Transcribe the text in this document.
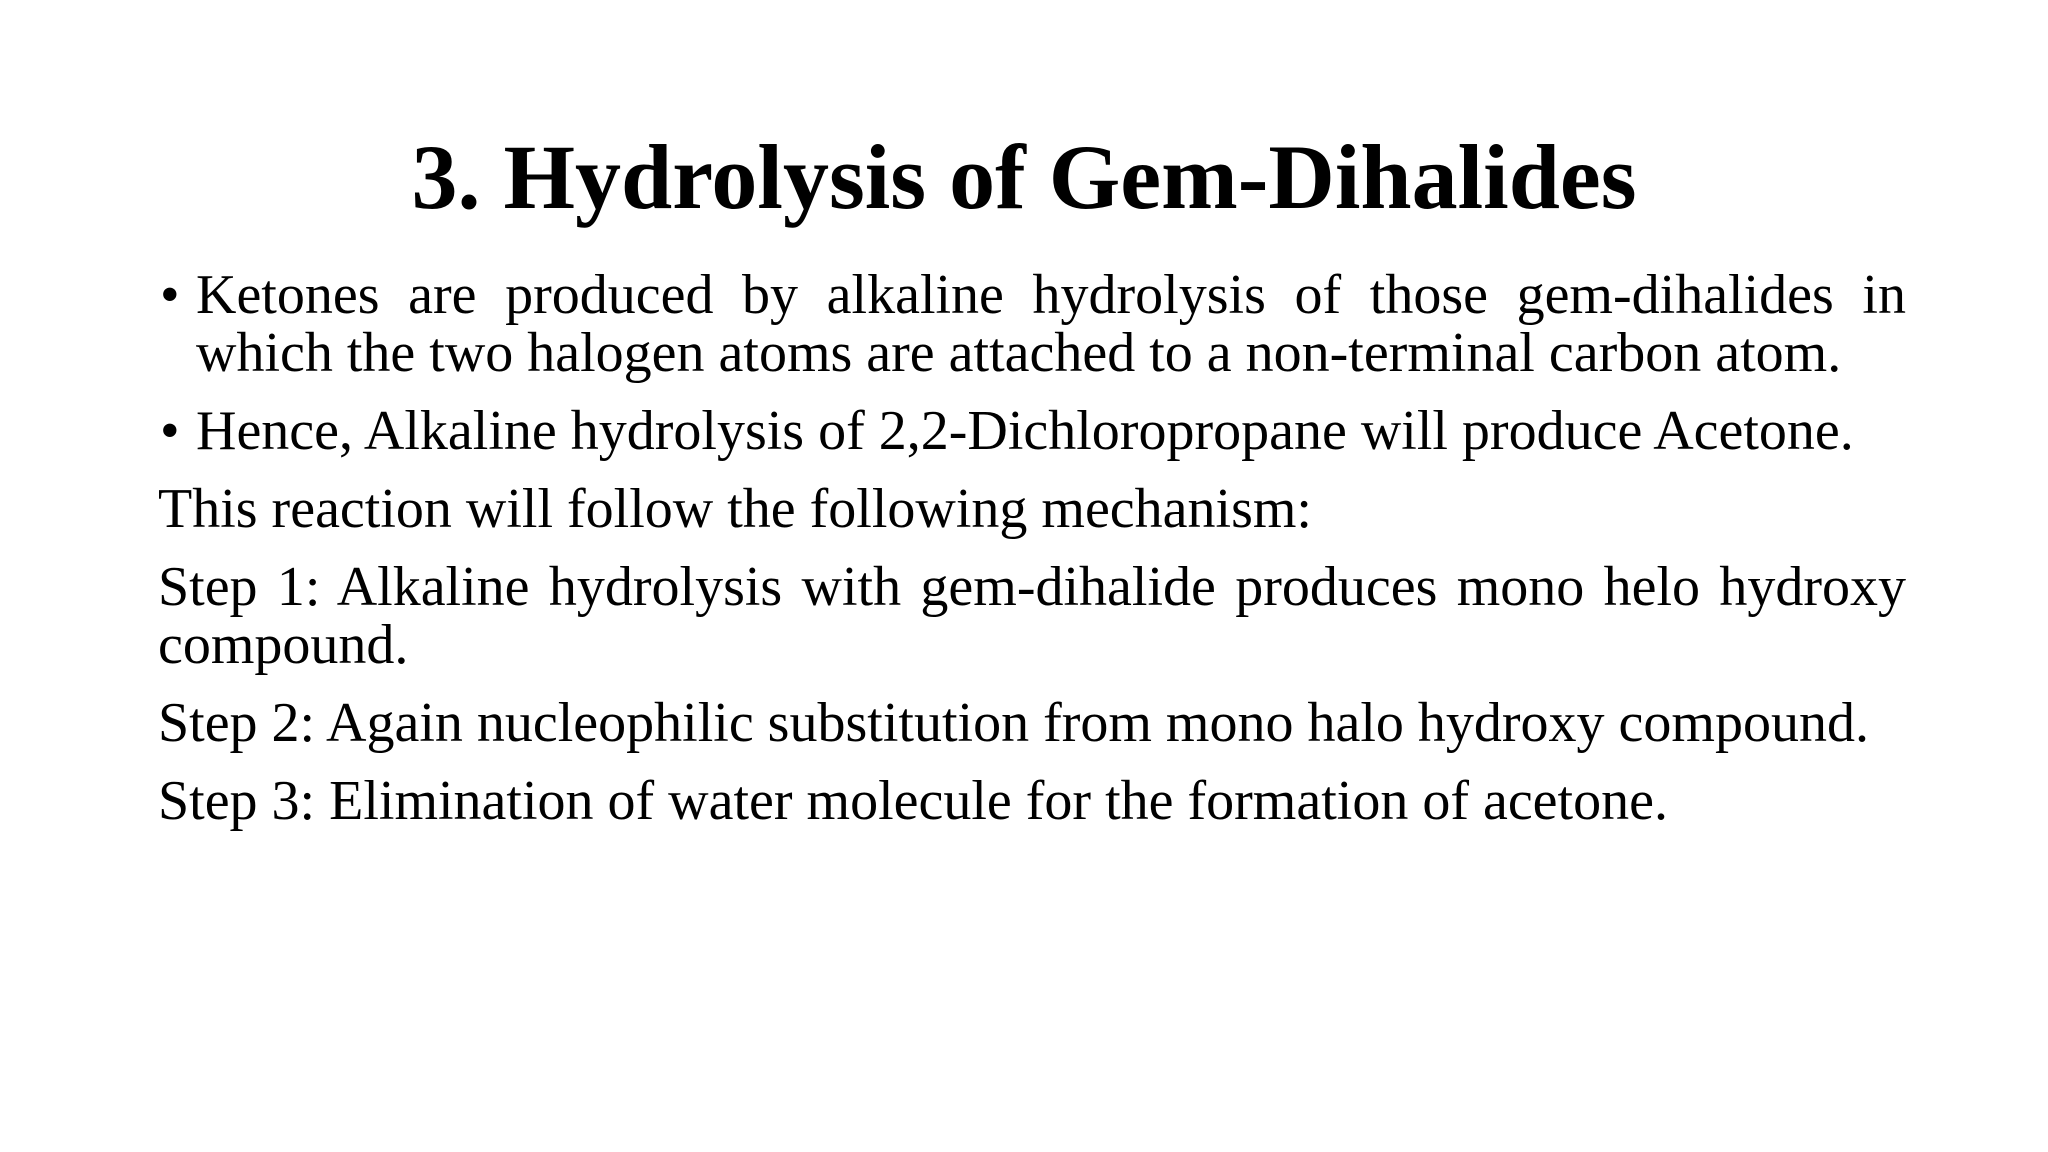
3. Hydrolysis of Gem-Dihalides
• Ketones are produced by alkaline hydrolysis of those gem-dihalides in which the two halogen atoms are attached to a non-terminal carbon atom.
• Hence, Alkaline hydrolysis of 2,2-Dichloropropane will produce Acetone.

This reaction will follow the following mechanism:

Step 1: Alkaline hydrolysis with gem-dihalide produces mono helo hydroxy compound.

Step 2: Again nucleophilic substitution from mono halo hydroxy compound.

Step 3: Elimination of water molecule for the formation of acetone.
